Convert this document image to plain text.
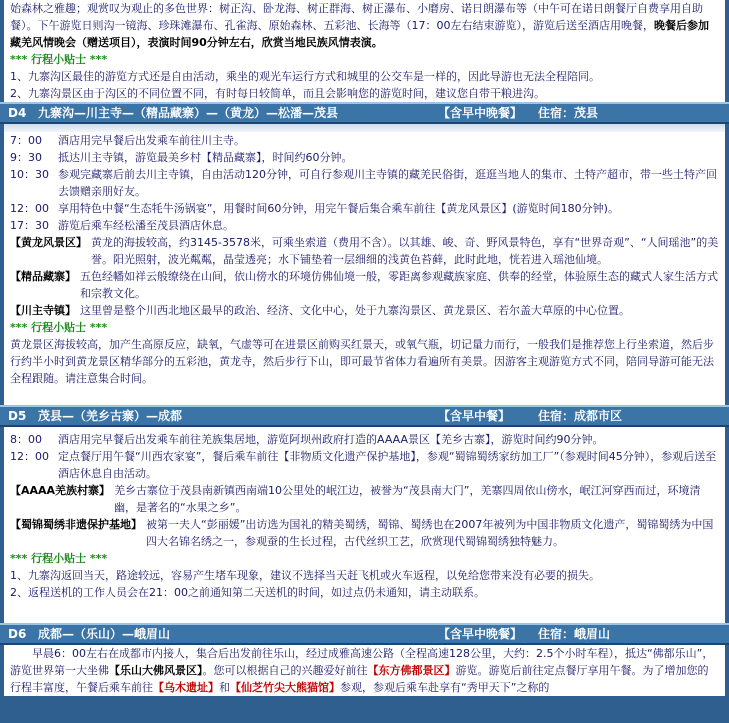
始森林之雅趣；观赏叹为观止的多色世界：树正沟、卧龙海、树正群海、树正瀑布、小磨房、诺日朗瀑布等（中午可在诺日朗餐厅自费享用自助餐）。下午游览日则沟一镜海、珍珠滩瀑布、孔雀海、原始森林、五彩池、长海等（17：00左右结束游览），游览后送至酒店用晚餐，晚餐后参加藏羌风情晚会（赠送项目），表演时间90分钟左右，欣赏当地民族风情表演。

*** 行程小贴士 ***

1、九寨沟区最佳的游览方式还是自由活动，乘坐的观光车运行方式和城里的公交车是一样的，因此导游也无法全程陪同。

2、九寨沟景区由于沟区的不同位置不同，有时每日较简单，而且会影响您的游览时间，建议您自带干粮进沟。

D4 九寨沟—川主寺—（精品藏寨）—（黄龙）—松潘—茂县	【含早中晚餐】	住宿：茂县
7：00	酒店用完早餐后出发乘车前往川主寺。
9：30	抵达川主寺镇，游览最美乡村【精品藏寨】，时间约60分钟。
10：30 参观完藏寨后前去川主寺镇，自由活动120分钟，可自行参观川主寺镇的藏羌民俗街，逛逛当地人的集市、土特产超市，带一些土特产回去馈赠亲朋好友。
12：00 享用特色中餐“生态牦牛汤锅宴”，用餐时间60分钟，用完午餐后集合乘车前往【黄龙风景区】(游览时间180分钟)。
17：30 游览后乘车经松潘至茂县酒店休息。
【黄龙风景区】 黄龙的海拔较高，约3145-3578米，可乘坐索道（费用不含）。以其雄、峻、奇、野风景特色，享有“世界奇观”、“人间瑶池”的美誉。阳光照射，波光粼粼，晶莹透亮；水下铺垫着一层细细的浅黄色苔藓，此时此地，恍若进入瑶池仙境。
【精品藏寨】 五色经幡如祥云般缭绕在山间，依山傍水的环境仿佛仙境一般，零距离参观藏族家庭、供奉的经堂，体验原生态的藏式人家生活方式和宗教文化。
【川主寺镇】 这里曾是整个川西北地区最早的政治、经济、文化中心，处于九寨沟景区、黄龙景区、若尔盖大草原的中心位置。

*** 行程小贴士 ***

黄龙景区海拔较高，加产生高原反应，缺氧，气虚等可在进景区前购买红景天，或氧气瓶，切记量力而行，一般我们是推荐您上行坐索道，然后步行约半小时到黄龙景区精华部分的五彩池，黄龙寺，然后步行下山，即可最节省体力看遍所有美景。因游客主观游览方式不同，陪同导游可能无法全程跟随。请注意集合时间。

D5 茂县—（羌乡古寨）—成都	【含早中餐】	住宿：成都市区
8：00	酒店用完早餐后出发乘车前往羌族集居地，游览阿坝州政府打造的AAAA景区【羌乡古寨】，游览时间约90分钟。
12：00 定点餐厅用午餐“川西农家宴”，餐后乘车前往【非物质文化遗产保护基地】，参观“蜀锦蜀绣家纺加工厂”（参观时间45分钟），参观后送至酒店休息自由活动。
【AAAA羌族村寨】 羌乡古寨位于茂县南新镇西南端10公里处的岷江边，被誉为“茂县南大门”，羌寨四周依山傍水，岷江河穿西而过，环境清幽，是著名的“水果之乡”。
【蜀锦蜀绣非遗保护基地】 被第一夫人“彭丽媛”出访选为国礼的精美蜀绣，蜀锦、蜀绣也在2007年被列为中国非物质文化遗产，蜀锦蜀绣为中国四大名锦名绣之一，参观蚕的生长过程，古代丝织工艺，欣赏现代蜀锦蜀绣独特魅力。

*** 行程小贴士 ***

1、九寨沟返回当天，路途较远，容易产生堵车现象，建议不选择当天赶飞机或火车返程，以免给您带来没有必要的损失。

2、返程送机的工作人员会在21：00之前通知第二天送机的时间，如过点仍未通知，请主动联系。

D6 成都—（乐山）—峨眉山	【含早中晚餐】	住宿：峨眉山

早晨6：00左右在成都市内接人，集合后出发前往乐山，经过成雅高速公路（全程高速128公里，大约：2.5个小时车程），抵达“佛都乐山”，游览世界第一大坐佛【乐山大佛风景区】。您可以根据自己的兴趣爱好前往【东方佛都景区】游览。游览后前往定点餐厅享用午餐。为了增加您的行程丰富度，午餐后乘车前往【乌木遗址】和【仙芝竹尖大熊猫馆】参观，参观后乘车赴享有“秀甲天下”之称的
